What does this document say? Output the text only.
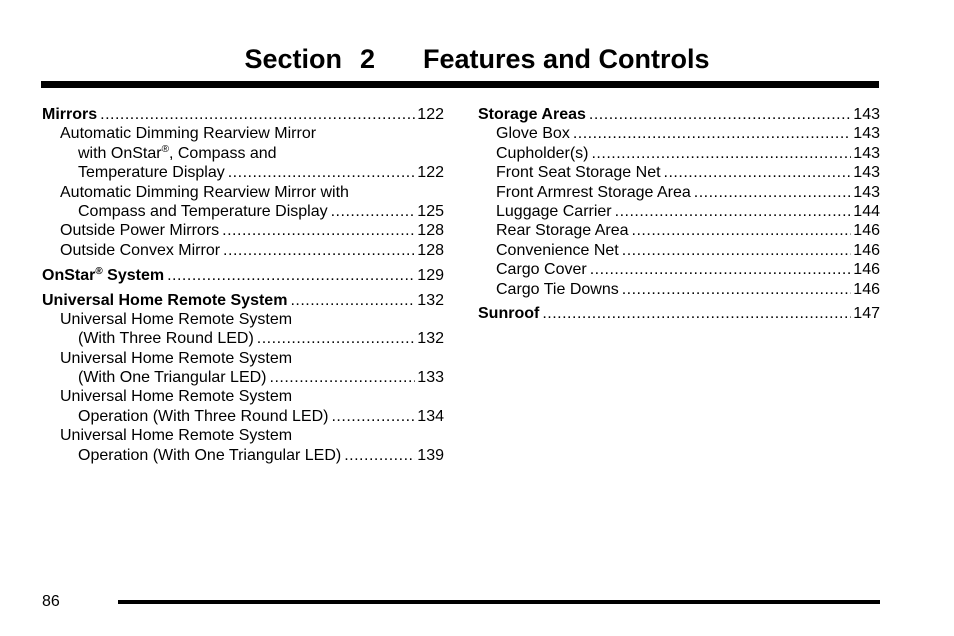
Section 2 Features and Controls
Mirrors .....	122
Automatic Dimming Rearview Mirror
with OnStar®, Compass and
Temperature Display .....	122
Automatic Dimming Rearview Mirror with
Compass and Temperature Display .....	125
Outside Power Mirrors .....	128
Outside Convex Mirror .....	128
OnStar® System .....	129
Universal Home Remote System .....	132
Universal Home Remote System
(With Three Round LED) .....	132
Universal Home Remote System
(With One Triangular LED) .....	133
Universal Home Remote System
Operation (With Three Round LED) .....	134
Universal Home Remote System
Operation (With One Triangular LED) .....	139
Storage Areas .....	143
Glove Box .....	143
Cupholder(s) .....	143
Front Seat Storage Net .....	143
Front Armrest Storage Area .....	143
Luggage Carrier .....	144
Rear Storage Area .....	146
Convenience Net .....	146
Cargo Cover .....	146
Cargo Tie Downs .....	146
Sunroof .....	147
86
